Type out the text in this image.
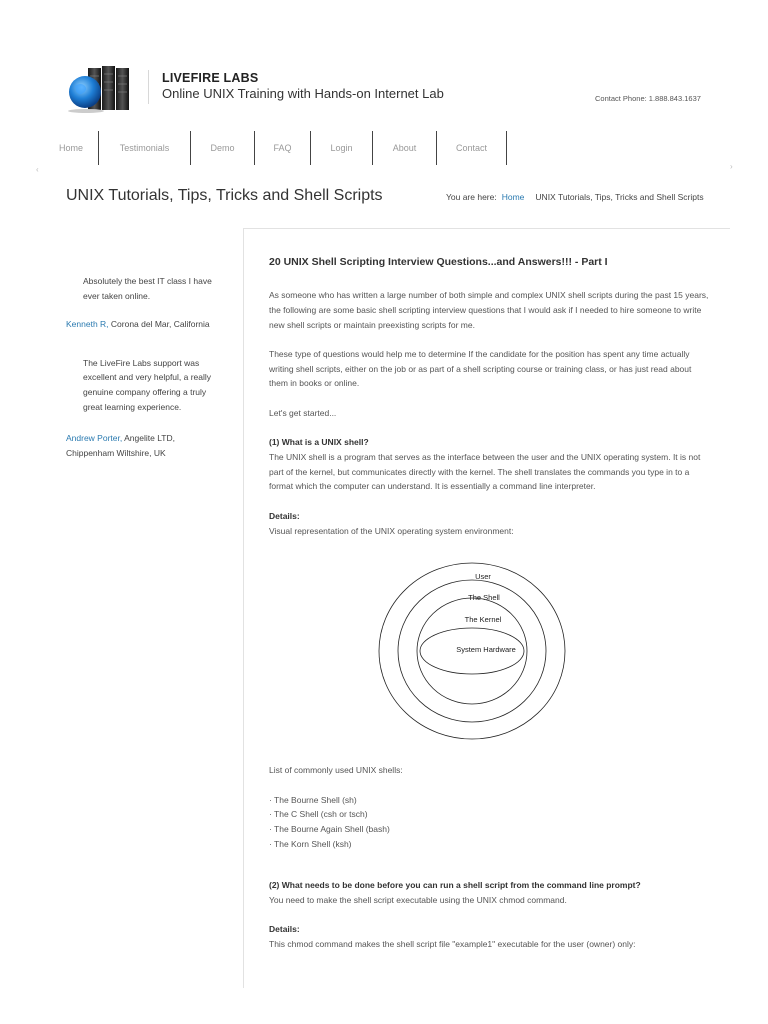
LIVEFIRE LABS
Online UNIX Training with Hands-on Internet Lab	Contact Phone: 1.888.843.1637
Home	Testimonials	Demo	FAQ	Login	About	Contact
‹	›
UNIX Tutorials, Tips, Tricks and Shell Scripts	You are here: Home UNIX Tutorials, Tips, Tricks and Shell Scripts
Absolutely the best IT class I have ever taken online.
Kenneth R, Corona del Mar, California
The LiveFire Labs support was excellent and very helpful, a really genuine company offering a truly great learning experience.
Andrew Porter, Angelite LTD, Chippenham Wiltshire, UK
20 UNIX Shell Scripting Interview Questions...and Answers!!! - Part I

As someone who has written a large number of both simple and complex UNIX shell scripts during the past 15 years, the following are some basic shell scripting interview questions that I would ask if I needed to hire someone to write new shell scripts or maintain preexisting scripts for me.

These type of questions would help me to determine If the candidate for the position has spent any time actually writing shell scripts, either on the job or as part of a shell scripting course or training class, or has just read about them in books or online.

Let's get started...

(1) What is a UNIX shell?

The UNIX shell is a program that serves as the interface between the user and the UNIX operating system. It is not part of the kernel, but communicates directly with the kernel. The shell translates the commands you type in to a format which the computer can understand. It is essentially a command line interpreter.

Details:

Visual representation of the UNIX operating system environment:

List of commonly used UNIX shells:

· The Bourne Shell (sh)
· The C Shell (csh or tsch)
· The Bourne Again Shell (bash)
· The Korn Shell (ksh)
(2) What needs to be done before you can run a shell script from the command line prompt?

You need to make the shell script executable using the UNIX chmod command.

Details:

This chmod command makes the shell script file "example1" executable for the user (owner) only:

User
The Shell
The Kernel
System Hardware
